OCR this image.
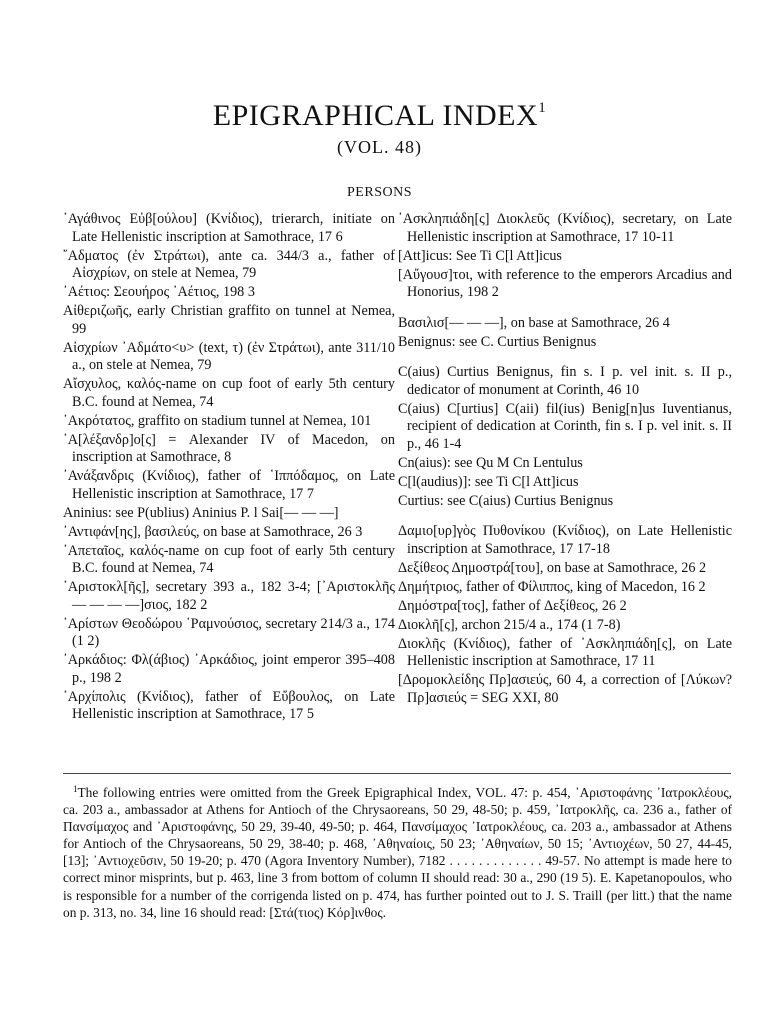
EPIGRAPHICAL INDEX$^1$
(VOL. 48)
PERSONS

᾿Αγάθινος Εὐβ[ούλου] (Κνίδιος), trierarch, initiate on Late Hellenistic inscription at Samothrace, 17 6

῎Αδματος (ἐν Στράτωι), ante ca. 344/3 a., father of Αἰσχρίων, on stele at Nemea, 79

᾿Αέτιος: Σεουήρος ᾿Αέτιος, 198 3

Αἰθεριζωῆς, early Christian graffito on tunnel at Nemea, 99

Αἰσχρίων ᾿Αδμάτο<υ> (text, τ) (ἐν Στράτωι), ante 311/10 a., on stele at Nemea, 79

Αἴσχυλος, καλός-name on cup foot of early 5th century B.C. found at Nemea, 74

᾿Ακρότατος, graffito on stadium tunnel at Nemea, 101

᾿Α[λέξανδρ]ο[ς] = Alexander IV of Macedon, on inscription at Samothrace, 8

᾿Ανάξανδρις (Κνίδιος), father of ῾Ιππόδαμος, on Late Hellenistic inscription at Samothrace, 17 7

Aninius: see P(ublius) Aninius P. l Sai[— — —]

᾿Αντιφάν[ης], βασιλεύς, on base at Samothrace, 26 3

᾿Απεταῖος, καλός-name on cup foot of early 5th century B.C. found at Nemea, 74

᾿Αριστοκλ[ῆς], secretary 393 a., 182 3-4; [᾿Αριστοκλῆς — — — —]σιος, 182 2

᾿Αρίστων Θεοδώρου ῾Ραμνούσιος, secretary 214/3 a., 174 (1 2)

᾿Αρκάδιος: Φλ(άβιος) ᾿Αρκάδιος, joint emperor 395–408 p., 198 2

᾿Αρχίπολις (Κνίδιος), father of Εὔβουλος, on Late Hellenistic inscription at Samothrace, 17 5

᾿Ασκληπιάδη[ς] Διοκλεῦς (Κνίδιος), secretary, on Late Hellenistic inscription at Samothrace, 17 10-11

[Att]icus: See Ti C[l Att]icus

[Αὔγουσ]τοι, with reference to the emperors Arcadius and Honorius, 198 2

Βασιλισ[— — —], on base at Samothrace, 26 4

Benignus: see C. Curtius Benignus

C(aius) Curtius Benignus, fin s. I p. vel init. s. II p., dedicator of monument at Corinth, 46 10

C(aius) C[urtius] C(aii) fil(ius) Benig[n]us Iuventianus, recipient of dedication at Corinth, fin s. I p. vel init. s. II p., 46 1-4

Cn(aius): see Qu M Cn Lentulus

C[l(audius)]: see Ti C[l Att]icus

Curtius: see C(aius) Curtius Benignus

Δαμιο[υρ]γὸς Πυθονίκου (Κνίδιος), on Late Hellenistic inscription at Samothrace, 17 17-18

Δεξίθεος Δημοστρά[του], on base at Samothrace, 26 2

Δημήτριος, father of Φίλιππος, king of Macedon, 16 2

Δημόστρα[τος], father of Δεξίθεος, 26 2

Διοκλῆ[ς], archon 215/4 a., 174 (1 7-8)

Διοκλῆς (Κνίδιος), father of ᾿Ασκληπιάδη[ς], on Late Hellenistic inscription at Samothrace, 17 11

[Δρομοκλείδης Πρ]ασιεύς, 60 4, a correction of [Λύκων? Πρ]ασιεύς = SEG XXI, 80

$^1$The following entries were omitted from the Greek Epigraphical Index, VOL. 47: p. 454, ᾿Αριστοφάνης ᾿Ιατροκλέους, ca. 203 a., ambassador at Athens for Antioch of the Chrysaoreans, 50 29, 48-50; p. 459, ᾿Ιατροκλῆς, ca. 236 a., father of Πανσίμαχος and ᾿Αριστοφάνης, 50 29, 39-40, 49-50; p. 464, Πανσίμαχος ᾿Ιατροκλέους, ca. 203 a., ambassador at Athens for Antioch of the Chrysaoreans, 50 29, 38-40; p. 468, ᾿Αθηναίοις, 50 23; ᾿Αθηναίων, 50 15; ᾿Αντιοχέων, 50 27, 44-45, [13]; ᾿Αντιοχεῦσιν, 50 19-20; p. 470 (Agora Inventory Number), 7182 . . . . . . . . . . . . . 49-57. No attempt is made here to correct minor misprints, but p. 463, line 3 from bottom of column II should read: 30 a., 290 (19 5). E. Kapetanopoulos, who is responsible for a number of the corrigenda listed on p. 474, has further pointed out to J. S. Traill (per litt.) that the name on p. 313, no. 34, line 16 should read: [Στά(τιος) Κόρ]ινθος.
